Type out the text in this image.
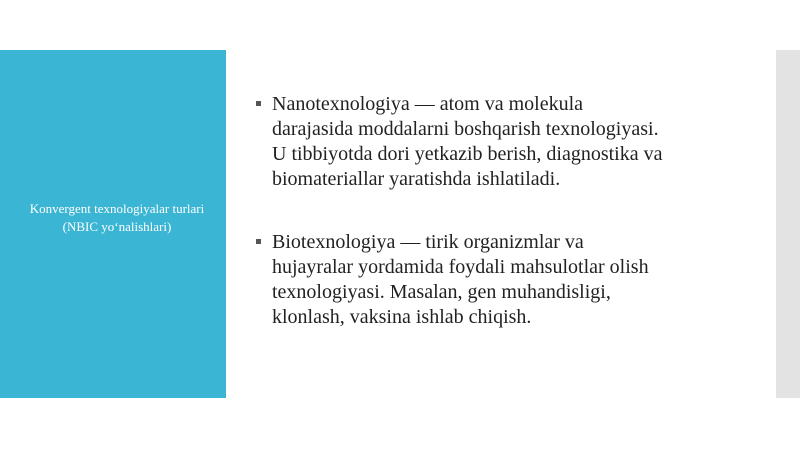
Konvergent texnologiyalar turlari (NBIC yo‘nalishlari)
Nanotexnologiya — atom va molekula
darajasida moddalarni boshqarish texnologiyasi.
U tibbiyotda dori yetkazib berish, diagnostika va
biomateriallar yaratishda ishlatiladi.
Biotexnologiya — tirik organizmlar va
hujayralar yordamida foydali mahsulotlar olish
texnologiyasi. Masalan, gen muhandisligi,
klonlash, vaksina ishlab chiqish.
